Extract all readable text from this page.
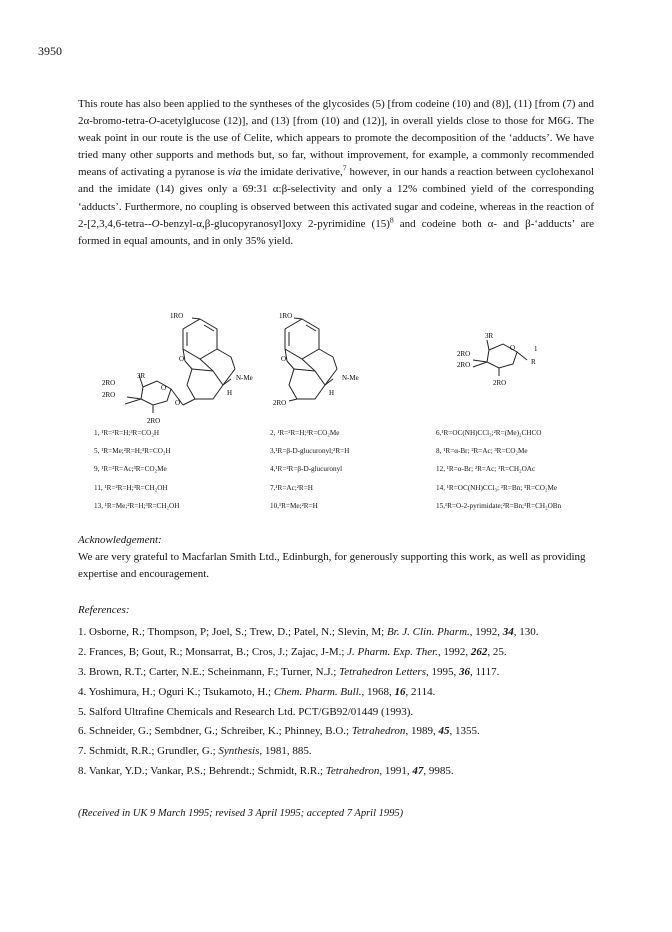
3950

This route has also been applied to the syntheses of the glycosides (5) [from codeine (10) and (8)], (11) [from (7) and 2α-bromo-tetra-O-acetylglucose (12)], and (13) [from (10) and (12)], in overall yields close to those for M6G. The weak point in our route is the use of Celite, which appears to promote the decomposition of the ‘adducts’. We have tried many other supports and methods but, so far, without improvement, for example, a commonly recommended means of activating a pyranose is via the imidate derivative,$^7$ however, in our hands a reaction between cyclohexanol and the imidate (14) gives only a 69:31 α:β-selectivity and only a 12% combined yield of the corresponding ‘adducts’. Furthermore, no coupling is observed between this activated sugar and codeine, whereas in the reaction of 2-[2,3,4,6-tetra--O-benzyl-α,β-glucopyranosyl]oxy 2-pyrimidine $(15)^8$ and codeine both α- and β-‘adducts’ are formed in equal amounts, and in only 35% yield.

1RO
O
N-Me
H
3R
2RO
2RO
2RO
O
O
1RO
O
N-Me
H
2RO
3R
2RO
2RO
2RO
O	1
R
1, ¹R=²R=H;³R=CO₂H
5, ¹R=Me;²R=H;³R=CO₂H
9, ¹R=²R=Ac;³R=CO₂Me
11, ¹R=²R=H;³R=CH₂OH
13, ¹R=Me;²R=H;³R=CH₂OH
2, ¹R=²R=H;³R=CO₂Me
3,¹R=β-D-glucuronyl;²R=H
4,¹R=²R=β-D-glucuronyl
7,¹R=Ac;²R=H
10,¹R=Me;²R=H
6,¹R=OC(NH)CCl₃;²R=(Me)₂CHCO
8, ¹R=α-Br; ²R=Ac; ³R=CO₂Me
12, ¹R=α-Br; ²R=Ac; ³R=CH₂OAc
14, ¹R=OC(NH)CCl₃; ²R=Bn; ³R=CO₂Me
15,¹R=O-2-pyrimidate;²R=Bn;³R=CH₂OBn
Acknowledgement:

We are very grateful to Macfarlan Smith Ltd., Edinburgh, for generously supporting this work, as well as providing expertise and encouragement.

References:
1. Osborne, R.; Thompson, P; Joel, S.; Trew, D.; Patel, N.; Slevin, M; Br. J. Clin. Pharm., 1992, 34, 130.
2. Frances, B; Gout, R.; Monsarrat, B.; Cros, J.; Zajac, J-M.; J. Pharm. Exp. Ther., 1992, 262, 25.
3. Brown, R.T.; Carter, N.E.; Scheinmann, F.; Turner, N.J.; Tetrahedron Letters, 1995, 36, 1117.
4. Yoshimura, H.; Oguri K.; Tsukamoto, H.; Chem. Pharm. Bull., 1968, 16, 2114.
5. Salford Ultrafine Chemicals and Research Ltd. PCT/GB92/01449 (1993).
6. Schneider, G.; Sembdner, G.; Schreiber, K.; Phinney, B.O.; Tetrahedron, 1989, 45, 1355.
7. Schmidt, R.R.; Grundler, G.; Synthesis, 1981, 885.
8. Vankar, Y.D.; Vankar, P.S.; Behrendt.; Schmidt, R.R.; Tetrahedron, 1991, 47, 9985.
(Received in UK 9 March 1995; revised 3 April 1995; accepted 7 April 1995)
